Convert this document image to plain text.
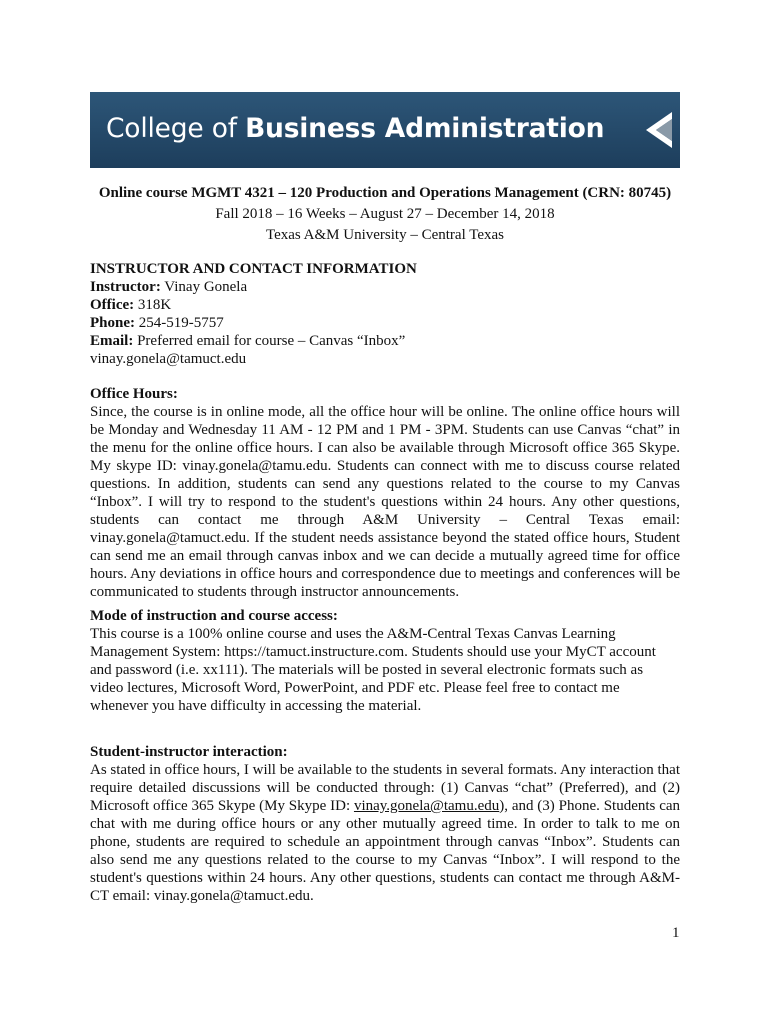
College of Business Administration
Online course MGMT 4321 – 120 Production and Operations Management (CRN: 80745)
Fall 2018 – 16 Weeks – August 27 – December 14, 2018
Texas A&M University – Central Texas

INSTRUCTOR AND CONTACT INFORMATION

Instructor: Vinay Gonela

Office: 318K

Phone: 254-519-5757

Email: Preferred email for course – Canvas “Inbox”

vinay.gonela@tamuct.edu

Office Hours:

Since, the course is in online mode, all the office hour will be online. The online office hours will be Monday and Wednesday 11 AM - 12 PM and 1 PM - 3PM. Students can use Canvas “chat” in the menu for the online office hours. I can also be available through Microsoft office 365 Skype. My skype ID: vinay.gonela@tamu.edu. Students can connect with me to discuss course related questions. In addition, students can send any questions related to the course to my Canvas “Inbox”. I will try to respond to the student's questions within 24 hours. Any other questions, students can contact me through A&M University – Central Texas email: vinay.gonela@tamuct.edu. If the student needs assistance beyond the stated office hours, Student can send me an email through canvas inbox and we can decide a mutually agreed time for office hours. Any deviations in office hours and correspondence due to meetings and conferences will be communicated to students through instructor announcements.

Mode of instruction and course access:

This course is a 100% online course and uses the A&M-Central Texas Canvas Learning

Management System: https://tamuct.instructure.com. Students should use your MyCT account

and password (i.e. xx111). The materials will be posted in several electronic formats such as

video lectures, Microsoft Word, PowerPoint, and PDF etc. Please feel free to contact me

whenever you have difficulty in accessing the material.

Student-instructor interaction:

As stated in office hours, I will be available to the students in several formats. Any interaction that require detailed discussions will be conducted through: (1) Canvas “chat” (Preferred), and (2) Microsoft office 365 Skype (My Skype ID: vinay.gonela@tamu.edu), and (3) Phone. Students can chat with me during office hours or any other mutually agreed time. In order to talk to me on phone, students are required to schedule an appointment through canvas “Inbox”. Students can also send me any questions related to the course to my Canvas “Inbox”. I will respond to the student's questions within 24 hours. Any other questions, students can contact me through A&M-CT email: vinay.gonela@tamuct.edu.

1
